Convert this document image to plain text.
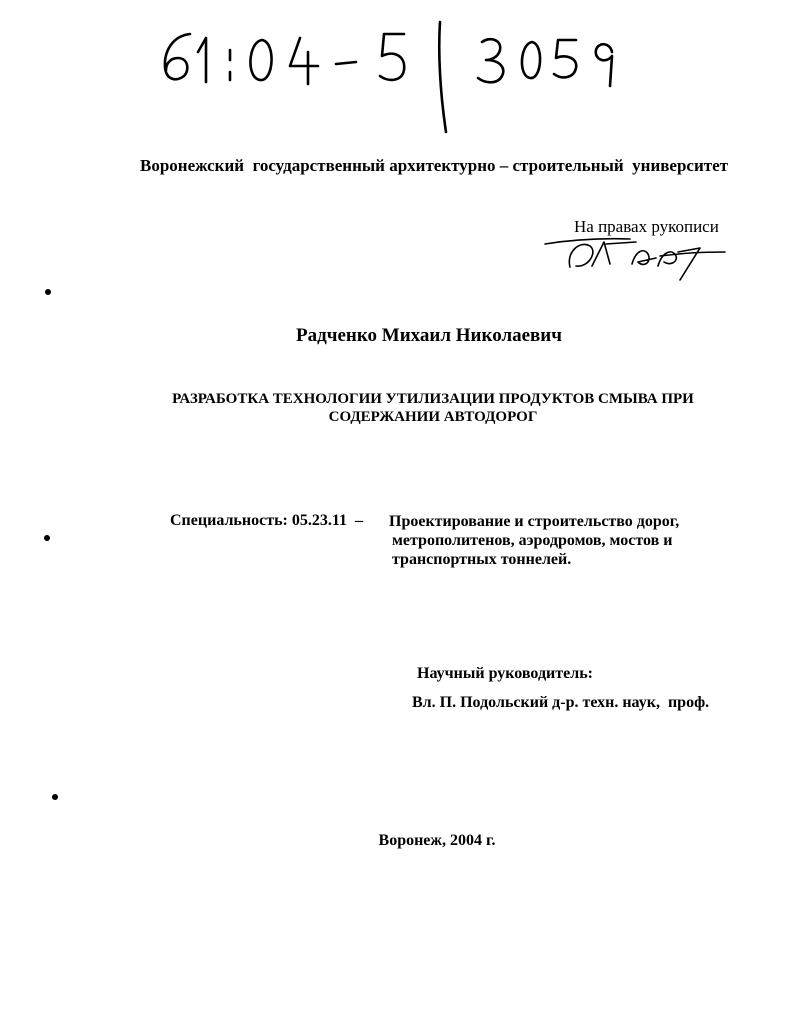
Воронежский  государственный архитектурно – строительный  университет
На правах рукописи
Радченко Михаил Николаевич
РАЗРАБОТКА ТЕХНОЛОГИИ УТИЛИЗАЦИИ ПРОДУКТОВ СМЫВА ПРИ
СОДЕРЖАНИИ АВТОДОРОГ
Специальность: 05.23.11  – Проектирование и строительство дорог,
метрополитенов, аэродромов, мостов и
транспортных тоннелей.
Научный руководитель:
Вл. П. Подольский д-р. техн. наук,  проф.
Воронеж, 2004 г.
